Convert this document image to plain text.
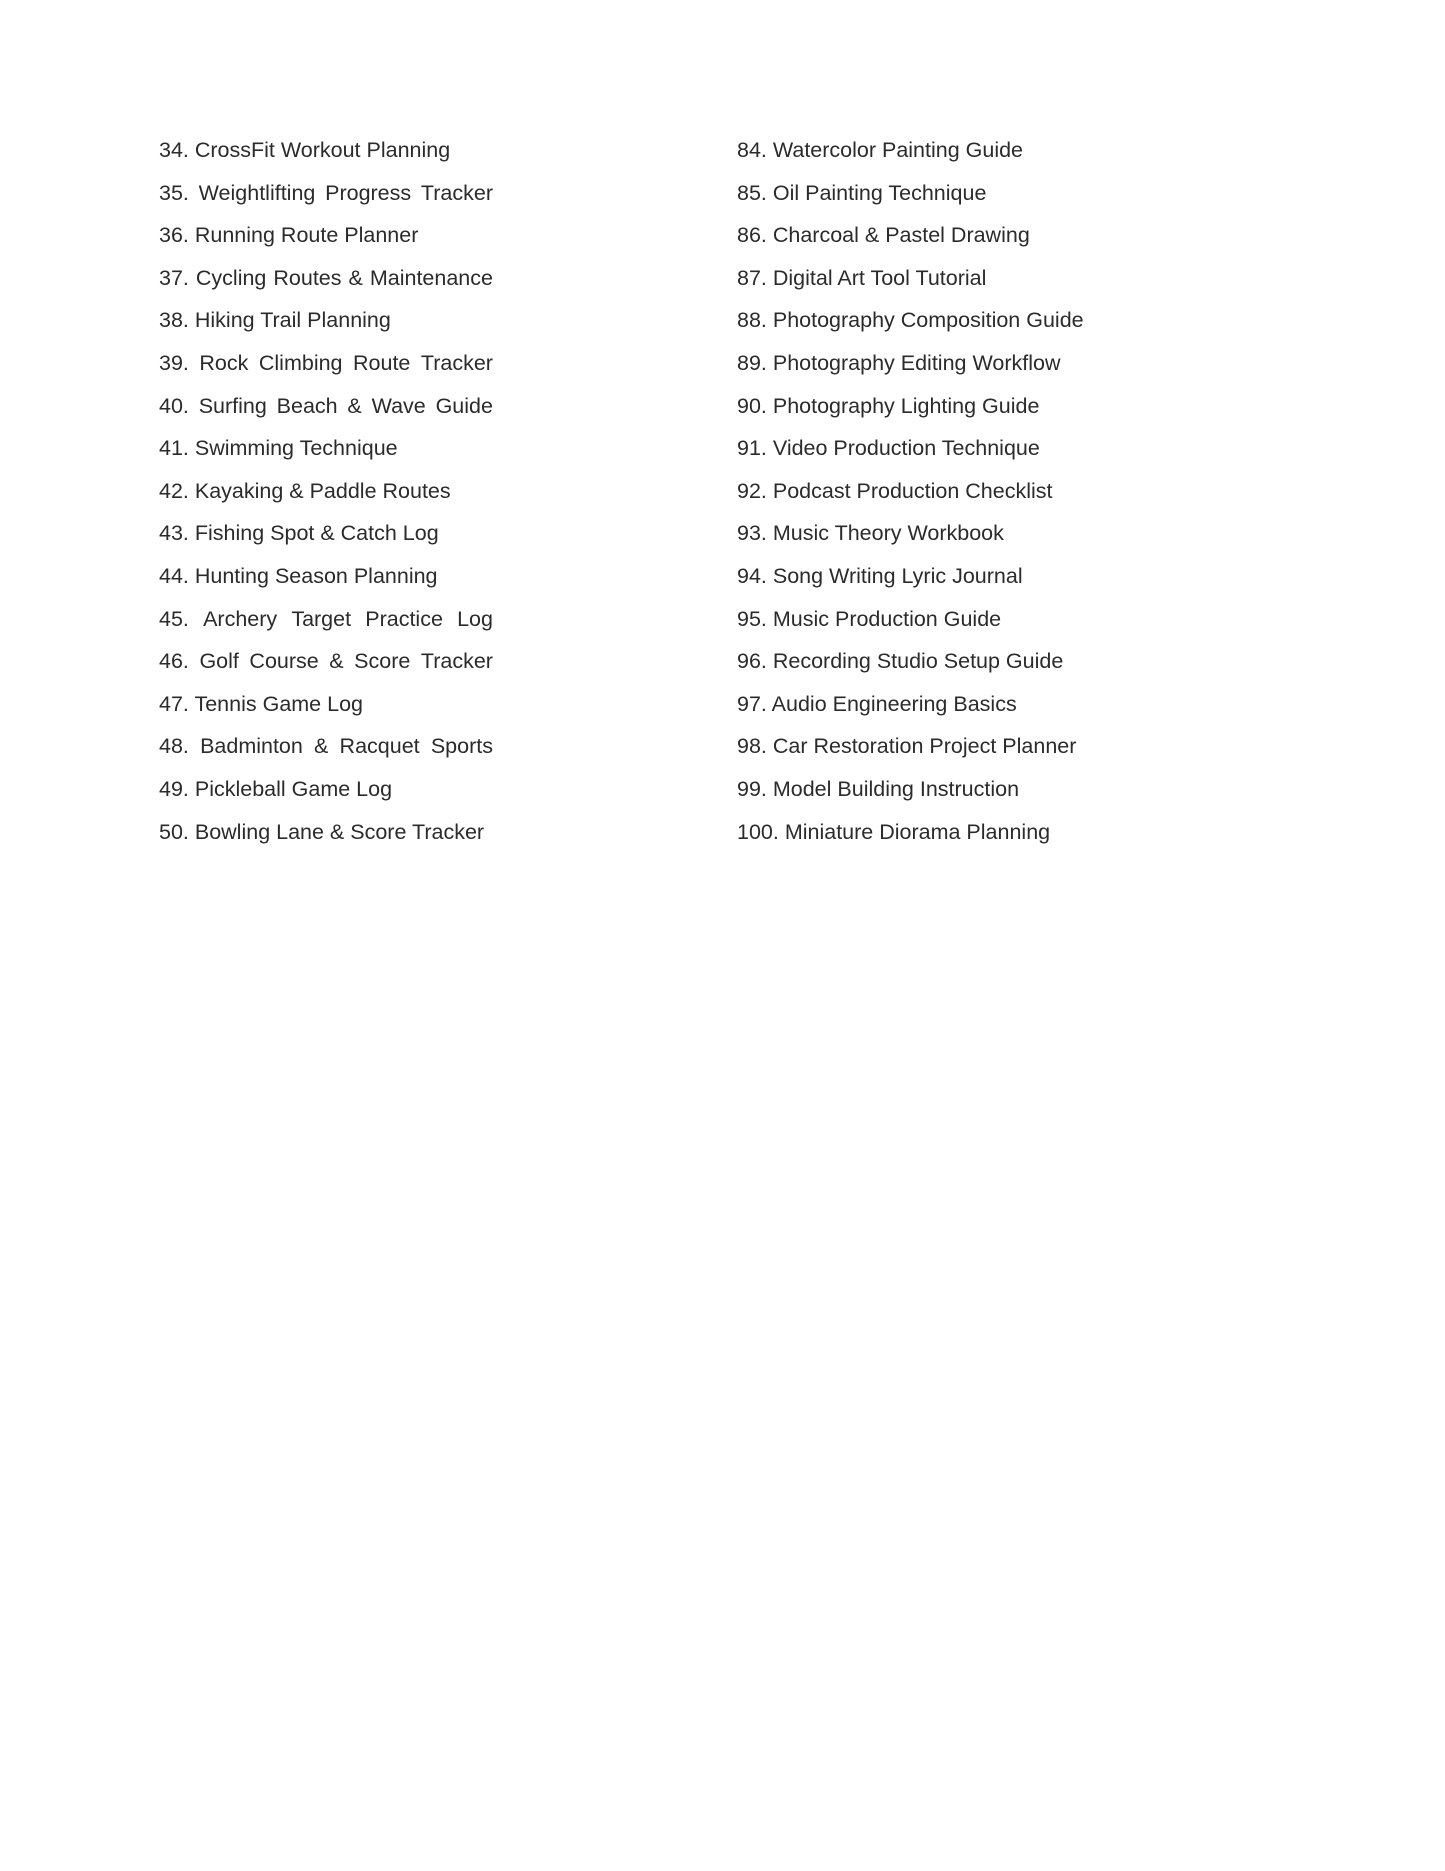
34. CrossFit Workout Planning
35. Weightlifting Progress Tracker
36. Running Route Planner
37. Cycling Routes & Maintenance
38. Hiking Trail Planning
39. Rock Climbing Route Tracker
40. Surfing Beach & Wave Guide
41. Swimming Technique
42. Kayaking & Paddle Routes
43. Fishing Spot & Catch Log
44. Hunting Season Planning
45. Archery Target Practice Log
46. Golf Course & Score Tracker
47. Tennis Game Log
48. Badminton & Racquet Sports
49. Pickleball Game Log
50. Bowling Lane & Score Tracker
84. Watercolor Painting Guide
85. Oil Painting Technique
86. Charcoal & Pastel Drawing
87. Digital Art Tool Tutorial
88. Photography Composition Guide
89. Photography Editing Workflow
90. Photography Lighting Guide
91. Video Production Technique
92. Podcast Production Checklist
93. Music Theory Workbook
94. Song Writing Lyric Journal
95. Music Production Guide
96. Recording Studio Setup Guide
97. Audio Engineering Basics
98. Car Restoration Project Planner
99. Model Building Instruction
100. Miniature Diorama Planning
